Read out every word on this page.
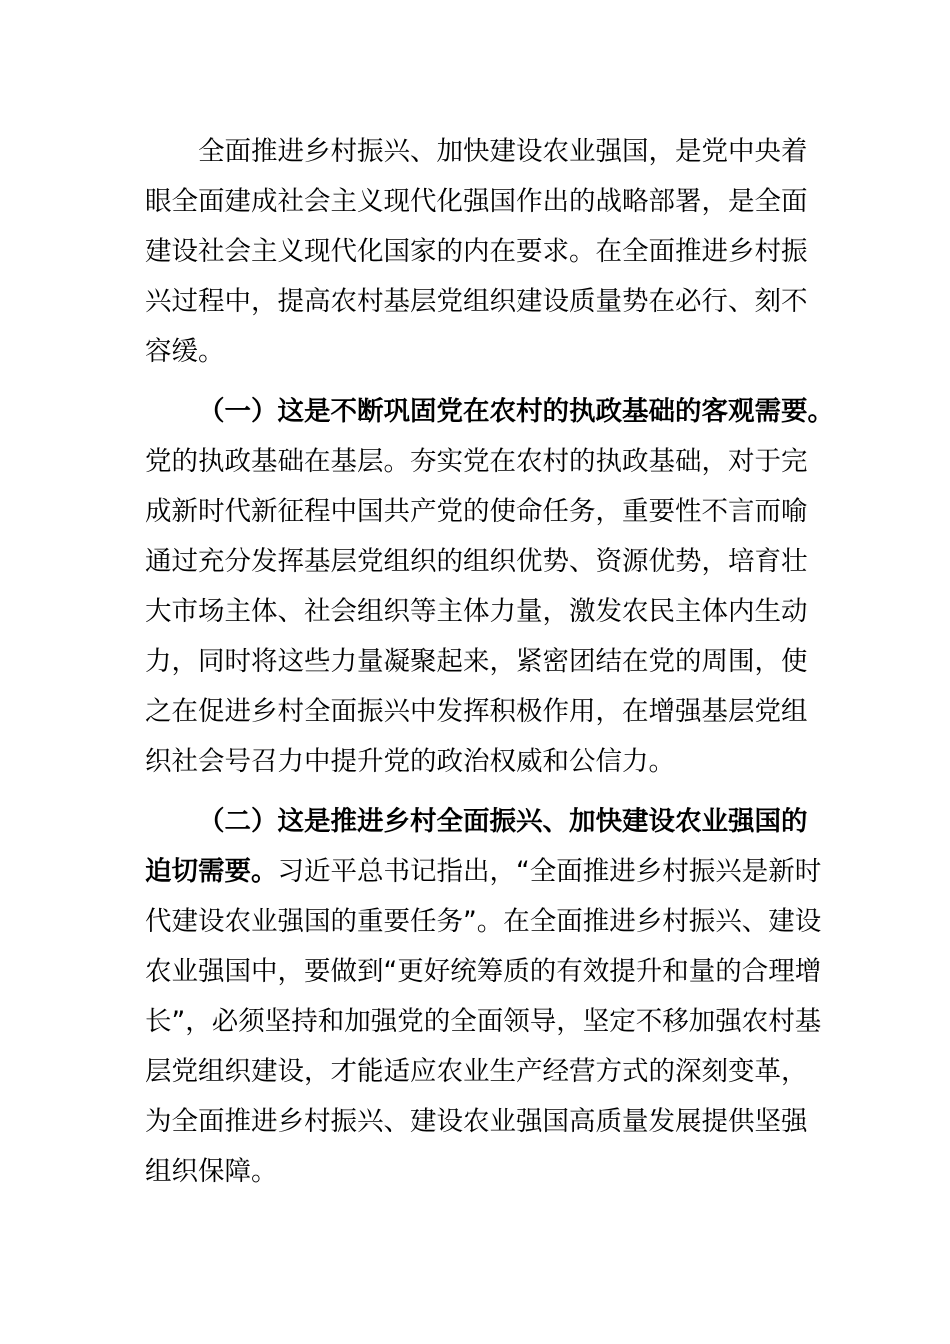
全面推进乡村振兴、加快建设农业强国，是党中央着
眼全面建成社会主义现代化强国作出的战略部署，是全面
建设社会主义现代化国家的内在要求。在全面推进乡村振
兴过程中，提高农村基层党组织建设质量势在必行、刻不
容缓。
（一）这是不断巩固党在农村的执政基础的客观需要。
党的执政基础在基层。夯实党在农村的执政基础，对于完
成新时代新征程中国共产党的使命任务，重要性不言而喻
通过充分发挥基层党组织的组织优势、资源优势，培育壮
大市场主体、社会组织等主体力量，激发农民主体内生动
力，同时将这些力量凝聚起来，紧密团结在党的周围，使
之在促进乡村全面振兴中发挥积极作用，在增强基层党组
织社会号召力中提升党的政治权威和公信力。
（二）这是推进乡村全面振兴、加快建设农业强国的
迫切需要。习近平总书记指出，“全面推进乡村振兴是新时
代建设农业强国的重要任务”。在全面推进乡村振兴、建设
农业强国中，要做到“更好统筹质的有效提升和量的合理增
长”，必须坚持和加强党的全面领导，坚定不移加强农村基
层党组织建设，才能适应农业生产经营方式的深刻变革，
为全面推进乡村振兴、建设农业强国高质量发展提供坚强
组织保障。
